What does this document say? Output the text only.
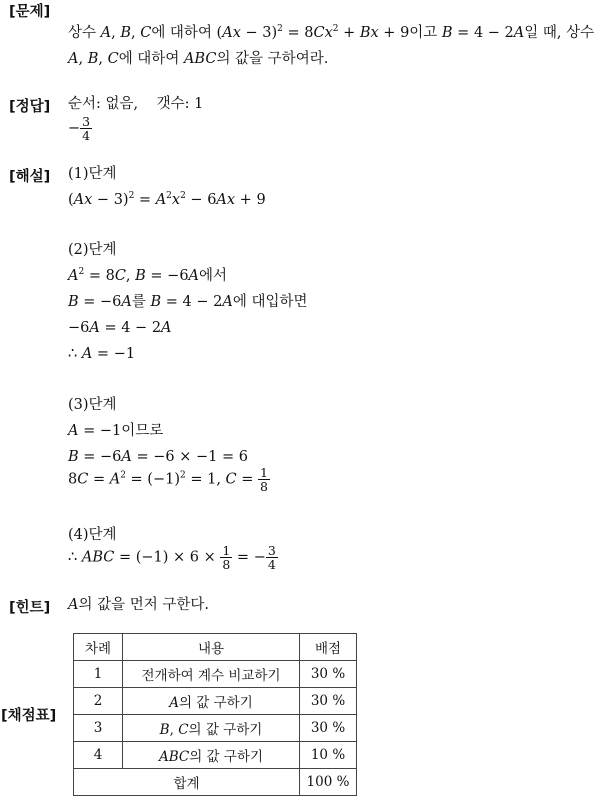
[문제]
상수 A, B, C에 대하여 $(Ax - 3)^2 = 8Cx^2 + Bx + 9$이고 B = 4 − 2A일 때, 상수
A, B, C에 대하여 ABC의 값을 구하여라.
[정답] 순서: 없음, 갯수: 1
− $\frac{3}{4}$
[해설] (1)단계
$(Ax - 3)^2 = A^2x^2 - 6Ax + 9$
(2)단계
$A^2 = 8C$, B = −6A에서
B = −6A를 B = 4 − 2A에 대입하면
−6A = 4 − 2A
∴ A = −1
(3)단계
A = −1이므로
B = −6A = −6 × −1 = 6
$8C = A^2 = (-1)^2 = 1$, $C = \frac{1}{8}$
(4)단계
∴ ABC = $(-1) \times 6 \times \frac{1}{8}$ = − $\frac{3}{4}$
[힌트] A의 값을 먼저 구한다.
[채점표]
차례	내용	배점
1	전개하여 계수 비교하기	30 %
2	A의 값 구하기	30 %
3	B, C의 값 구하기	30 %
4	ABC의 값 구하기	10 %
합계		100 %
